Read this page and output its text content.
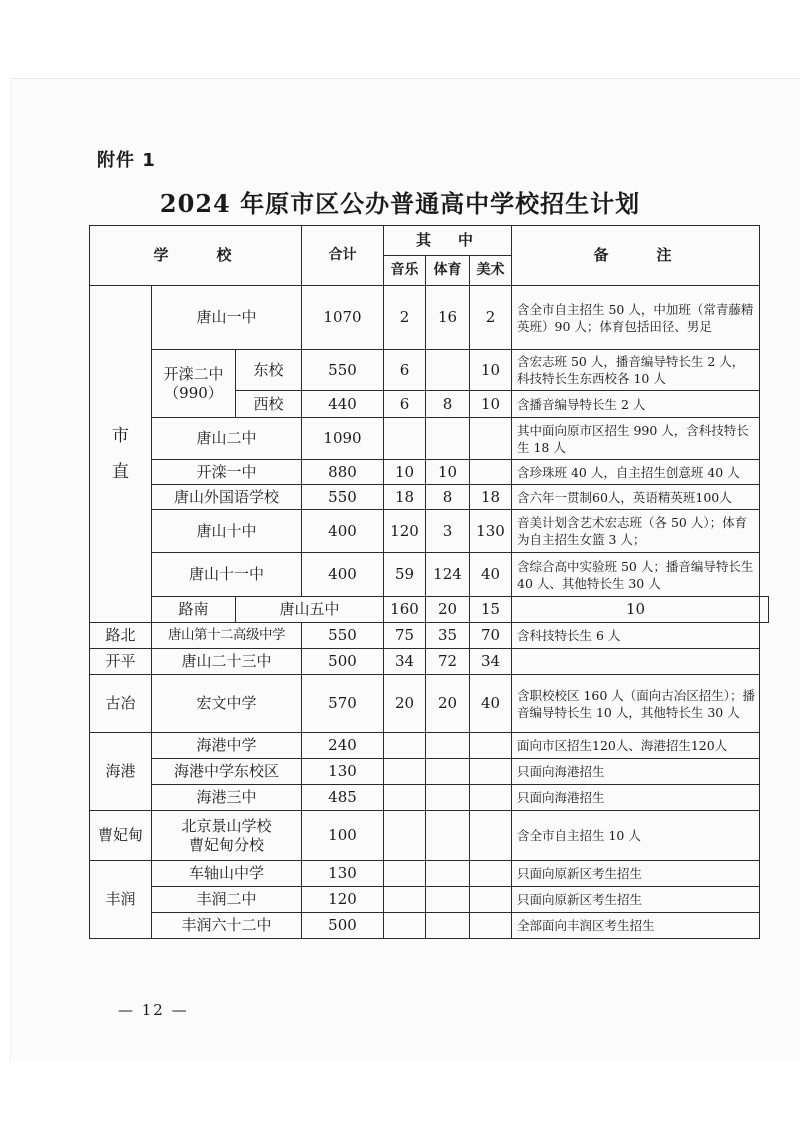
附件 1
2024 年原市区公办普通高中学校招生计划
学　　校			合计	其　中			备　　注	
				音乐	体育	美术		

市
直	唐山一中		1070	2	16	2	含全市自主招生 50 人，中加班（常青藤精英班）90 人；体育包括田径、男足	
	开滦二中
（990）	东校	550	6		10	含宏志班 50 人，播音编导特长生 2 人，科技特长生东西校各 10 人	
		西校	440	6	8	10	含播音编导特长生 2 人	
	唐山二中		1090				其中面向原市区招生 990 人，含科技特长生 18 人	
	开滦一中		880	10	10		含珍珠班 40 人，自主招生创意班 40 人	
	唐山外国语学校		550	18	8	18	含六年一贯制60人，英语精英班100人	
	唐山十中		400	120	3	130	音美计划含艺术宏志班（各 50 人）；体育为自主招生女篮 3 人；	
	唐山十一中		400	59	124	40	含综合高中实验班 50 人；播音编导特长生 40 人、其他特长生 30 人	
	路南	唐山五中		160	20	15	10	
路北	唐山第十二高级中学		550	75	35	70	含科技特长生 6 人	
开平	唐山二十三中		500	34	72	34		
古冶	宏文中学		570	20	20	40	含职校校区 160 人（面向古冶区招生）；播音编导特长生 10 人，其他特长生 30 人	
海港	海港中学		240				面向市区招生120人、海港招生120人	
	海港中学东校区		130				只面向海港招生	
	海港三中		485				只面向海港招生	
曹妃甸	北京景山学校
曹妃甸分校		100				含全市自主招生 10 人	
丰润	车轴山中学		130				只面向原新区考生招生	
	丰润二中		120				只面向原新区考生招生	
	丰润六十二中		500				全部面向丰润区考生招生	
— 12 —
